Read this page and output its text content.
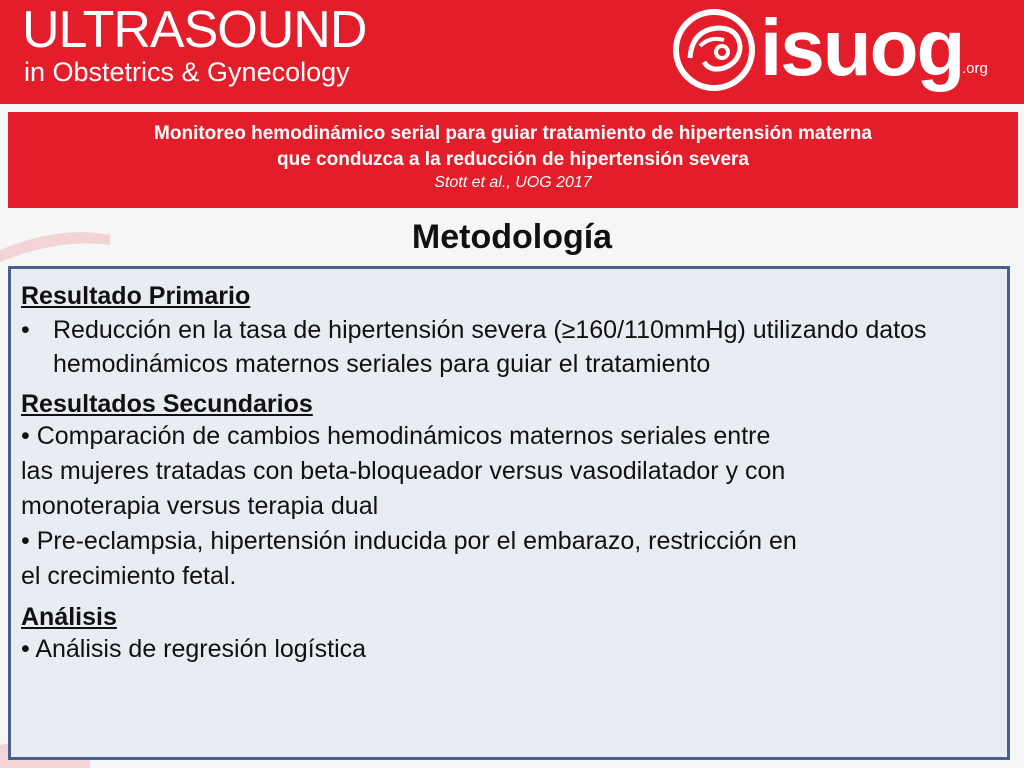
ULTRASOUND
in Obstetrics & Gynecology	isuog
.org
Monitoreo hemodinámico serial para guiar tratamiento de hipertensión materna
que conduzca a la reducción de hipertensión severa
Stott et al., UOG 2017
Metodología
Resultado Primario
• Reducción en la tasa de hipertensión severa (≥160/110mmHg) utilizando datos hemodinámicos maternos seriales para guiar el tratamiento
Resultados Secundarios
• Comparación de cambios hemodinámicos maternos seriales entre
las mujeres tratadas con beta-bloqueador versus vasodilatador y con
monoterapia versus terapia dual
• Pre-eclampsia, hipertensión inducida por el embarazo, restricción en
el crecimiento fetal.
Análisis
• Análisis de regresión logística
